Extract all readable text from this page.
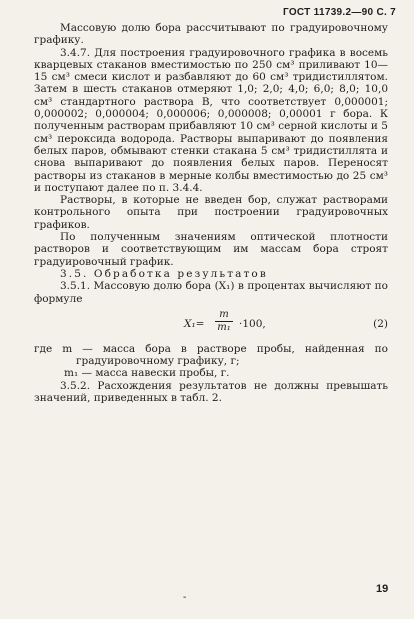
ГОСТ 11739.2—90 С. 7

Массовую долю бора рассчитывают по градуировочному графику.

3.4.7. Для построения градуировочного графика в восемь кварцевых стаканов вместимостью по 250 см³ приливают 10—15 см³ смеси кислот и разбавляют до 60 см³ тридистиллятом. Затем в шесть стаканов отмеряют 1,0; 2,0; 4,0; 6,0; 8,0; 10,0 см³ стандартного раствора В, что соответствует 0,000001; 0,000002; 0,000004; 0,000006; 0,000008; 0,00001 г бора. К полученным растворам прибавляют 10 см³ серной кислоты и 5 см³ пероксида водорода. Растворы выпаривают до появления белых паров, обмывают стенки стакана 5 см³ тридистиллята и снова выпаривают до появления белых паров. Переносят растворы из стаканов в мерные колбы вместимостью до 25 см³ и поступают далее по п. 3.4.4.

Растворы, в которые не введен бор, служат растворами контрольного опыта при построении градуировочных графиков.

По полученным значениям оптической плотности растворов и соответствующим им массам бора строят градуировочный график.

3.5. Обработка результатов

3.5.1. Массовую долю бора (X₁) в процентах вычисляют по формуле

$X_1= \frac{m}{\text{m₁}} \cdot 100$,	(2)

где m — масса бора в растворе пробы, найденная по градуировочному графику, г;

m₁ — масса навески пробы, г.

3.5.2. Расхождения результатов не должны превышать значений, приведенных в табл. 2.

-
19
